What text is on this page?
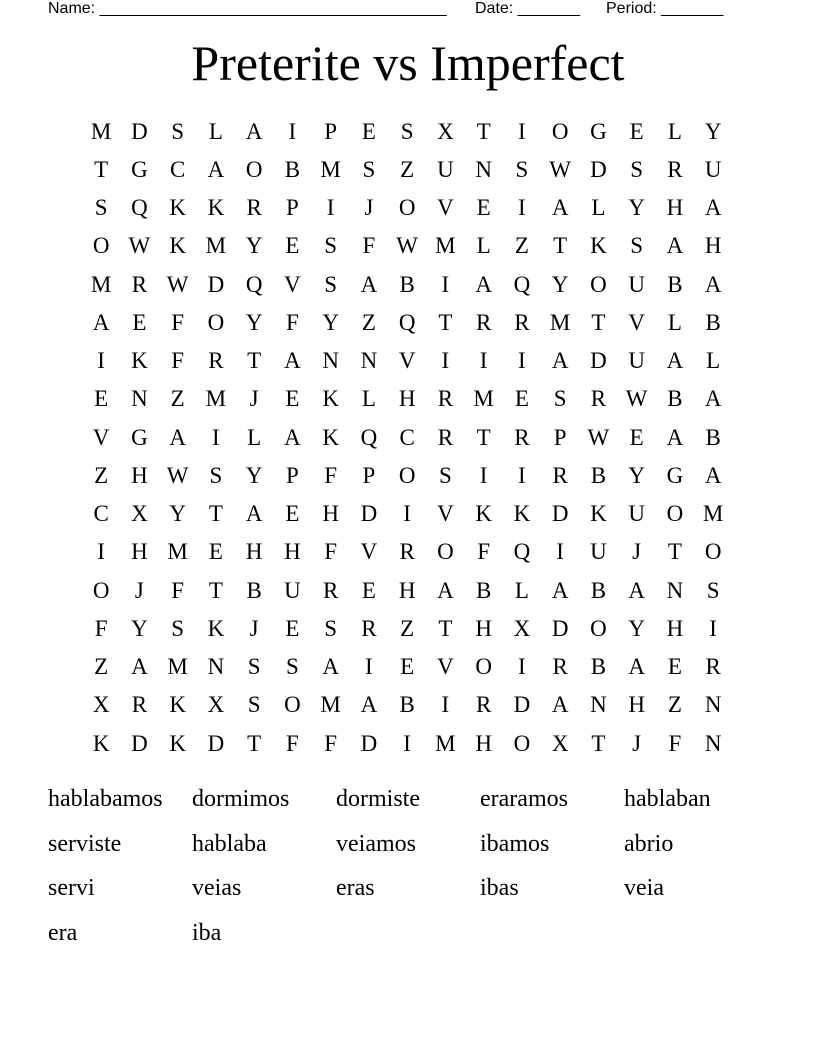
Name: _______________________________________

Date: _______

Period: _______

Preterite vs Imperfect
M D	S	L A	I	P	E	S	X T	I	O G E	L Y
T G C A O B M S	Z U N	S W D	S	R U
S	Q K K R	P	I	J	O V E	I	A L Y H A
O W K M Y E	S	F W M L	Z	T K	S	A H
M R W D Q V	S	A B	I	A Q Y O U B A
A E	F	O Y	F	Y Z Q T	R R M T V L	B
I	K	F	R	T A N N V	I	I	I	A D U A L
E N Z M	J	E K L H R M E	S	R W B A
V G A	I	L A K Q C R	T	R	P W E A B
Z H W S	Y	P	F	P	O	S	I	I	R B Y G A
C X Y T A E H D	I	V K K D K U O M
I	H M E H H	F	V R O	F	Q	I	U	J	T O
O	J	F	T	B U R	E H A B	L A B A N	S
F	Y	S	K	J	E	S	R	Z	T H X D O Y H	I
Z A M N	S	S	A	I	E V O	I	R B A E	R
X R K X	S	O M A B	I	R D A N H Z N
K D K D T	F	F	D	I	M H O X T	J	F	N
hablabamos	dormimos	dormiste	eraramos	hablaban
serviste	hablaba	veiamos	ibamos	abrio
servi	veias	eras	ibas	veia
era	iba
